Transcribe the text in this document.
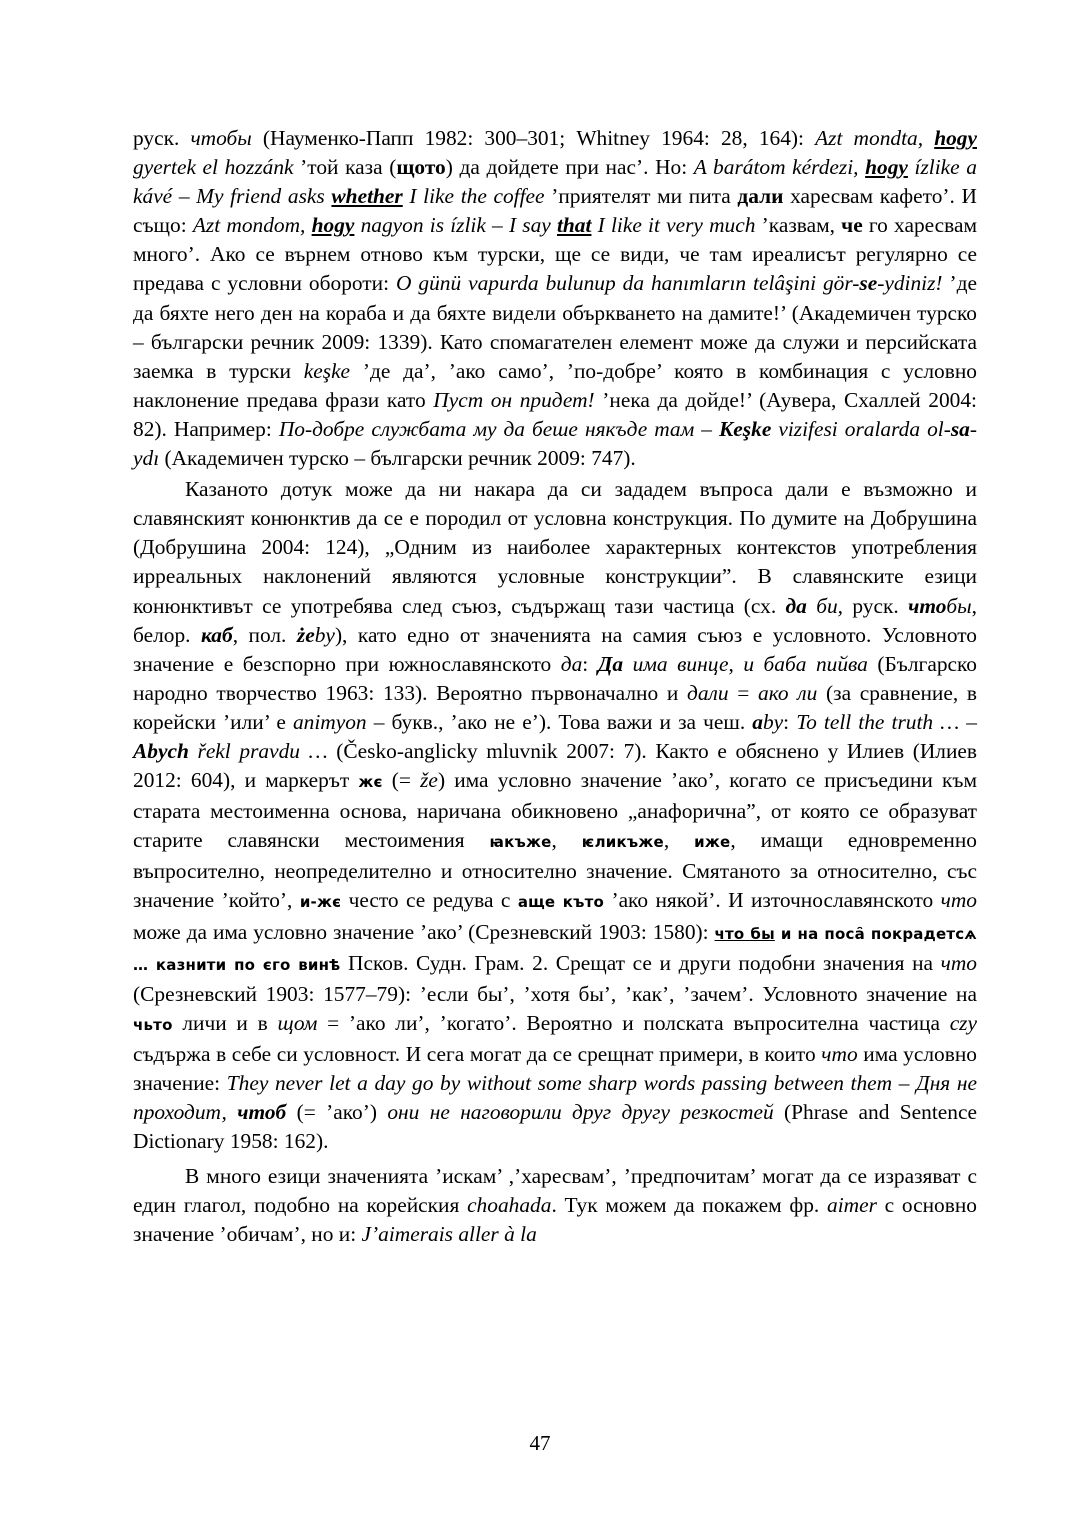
руск. чтобы (Науменко-Папп 1982: 300–301; Whitney 1964: 28, 164): Azt mondta, hogy gyertek el hozzánk ’той каза (щото) да дойдете при нас’. Но: A barátom kérdezi, hogy ízlike a kávé – My friend asks whether I like the coffee ’приятелят ми пита дали харесвам кафето’. И също: Azt mondom, hogy nagyon is ízlik – I say that I like it very much ’казвам, че го харесвам много’. Ако се върнем отново към турски, ще се види, че там иреалисът регулярно се предава с условни обороти: O günü vapurda bulunup da hanımların telâşini gör-se-ydiniz! ’де да бяхте него ден на кораба и да бяхте видели объркването на дамите!’ (Академичен турско – български речник 2009: 1339). Като спомагателен елемент може да служи и персийската заемка в турски keşke ’де да’, ’ако само’, ’по-добре’ която в комбинация с условно наклонение предава фрази като Пуст он придет! ’нека да дойде!’ (Аувера, Схаллей 2004: 82). Например: По-добре службата му да беше някъде там – Keşke vizifesi oralarda ol-sa-ydı (Академичен турско – български речник 2009: 747).

Казаното дотук може да ни накара да си зададем въпроса дали е възможно и славянският конюнктив да се е породил от условна конструкция. По думите на Добрушина (Добрушина 2004: 124), „Одним из наиболее характерных контекстов употребления ирреальных наклонений являются условные конструкции”. В славянските езици конюнктивът се употребява след съюз, съдържащ тази частица (сх. да би, руск. чтобы, белор. каб, пол. żeby), като едно от значенията на самия съюз е условното. Условното значение е безспорно при южнославянското да: Да има винце, и баба пийва (Българско народно творчество 1963: 133). Вероятно първоначално и дали = ако ли (за сравнение, в корейски ’или’ е animyon – букв., ’ако не е’). Това важи и за чеш. aby: To tell the truth … – Abych řekl pravdu … (Česko-anglicky mluvnik 2007: 7). Както е обяснено у Илиев (Илиев 2012: 604), и маркерът жє (= že) има условно значение ’ако’, когато се присъедини към старата местоименна основа, наричана обикновено „анафорична”, от която се образуват старите славянски местоимения ꙗкъже, ѥликъже, иже, имащи едновременно въпросително, неопределително и относително значение. Смятаното за относително, със значение ’който’, и-жє често се редува с аще къто ’ако някой’. И източнославянското что може да има условно значение ’ако’ (Срезневский 1903: 1580): что бы и на поса̑ покрадетсѧ … казнити по єго винѣ Псков. Судн. Грам. 2. Срещат се и други подобни значения на что (Срезневский 1903: 1577–79): ’если бы’, ’хотя бы’, ’как’, ’зачем’. Условното значение на чьто личи и в щом = ’ако ли’, ’когато’. Вероятно и полската въпросителна частица czy съдържа в себе си условност. И сега могат да се срещнат примери, в които что има условно значение: They never let a day go by without some sharp words passing between them – Дня не проходит, чтоб (= ’ако’) они не наговорили друг другу резкостей (Phrase and Sentence Dictionary 1958: 162).

В много езици значенията ’искам’ ,’харесвам’, ’предпочитам’ могат да се изразяват с един глагол, подобно на корейския choahada. Тук можем да покажем фр. aimer с основно значение ’обичам’, но и: J’aimerais aller à la

47
